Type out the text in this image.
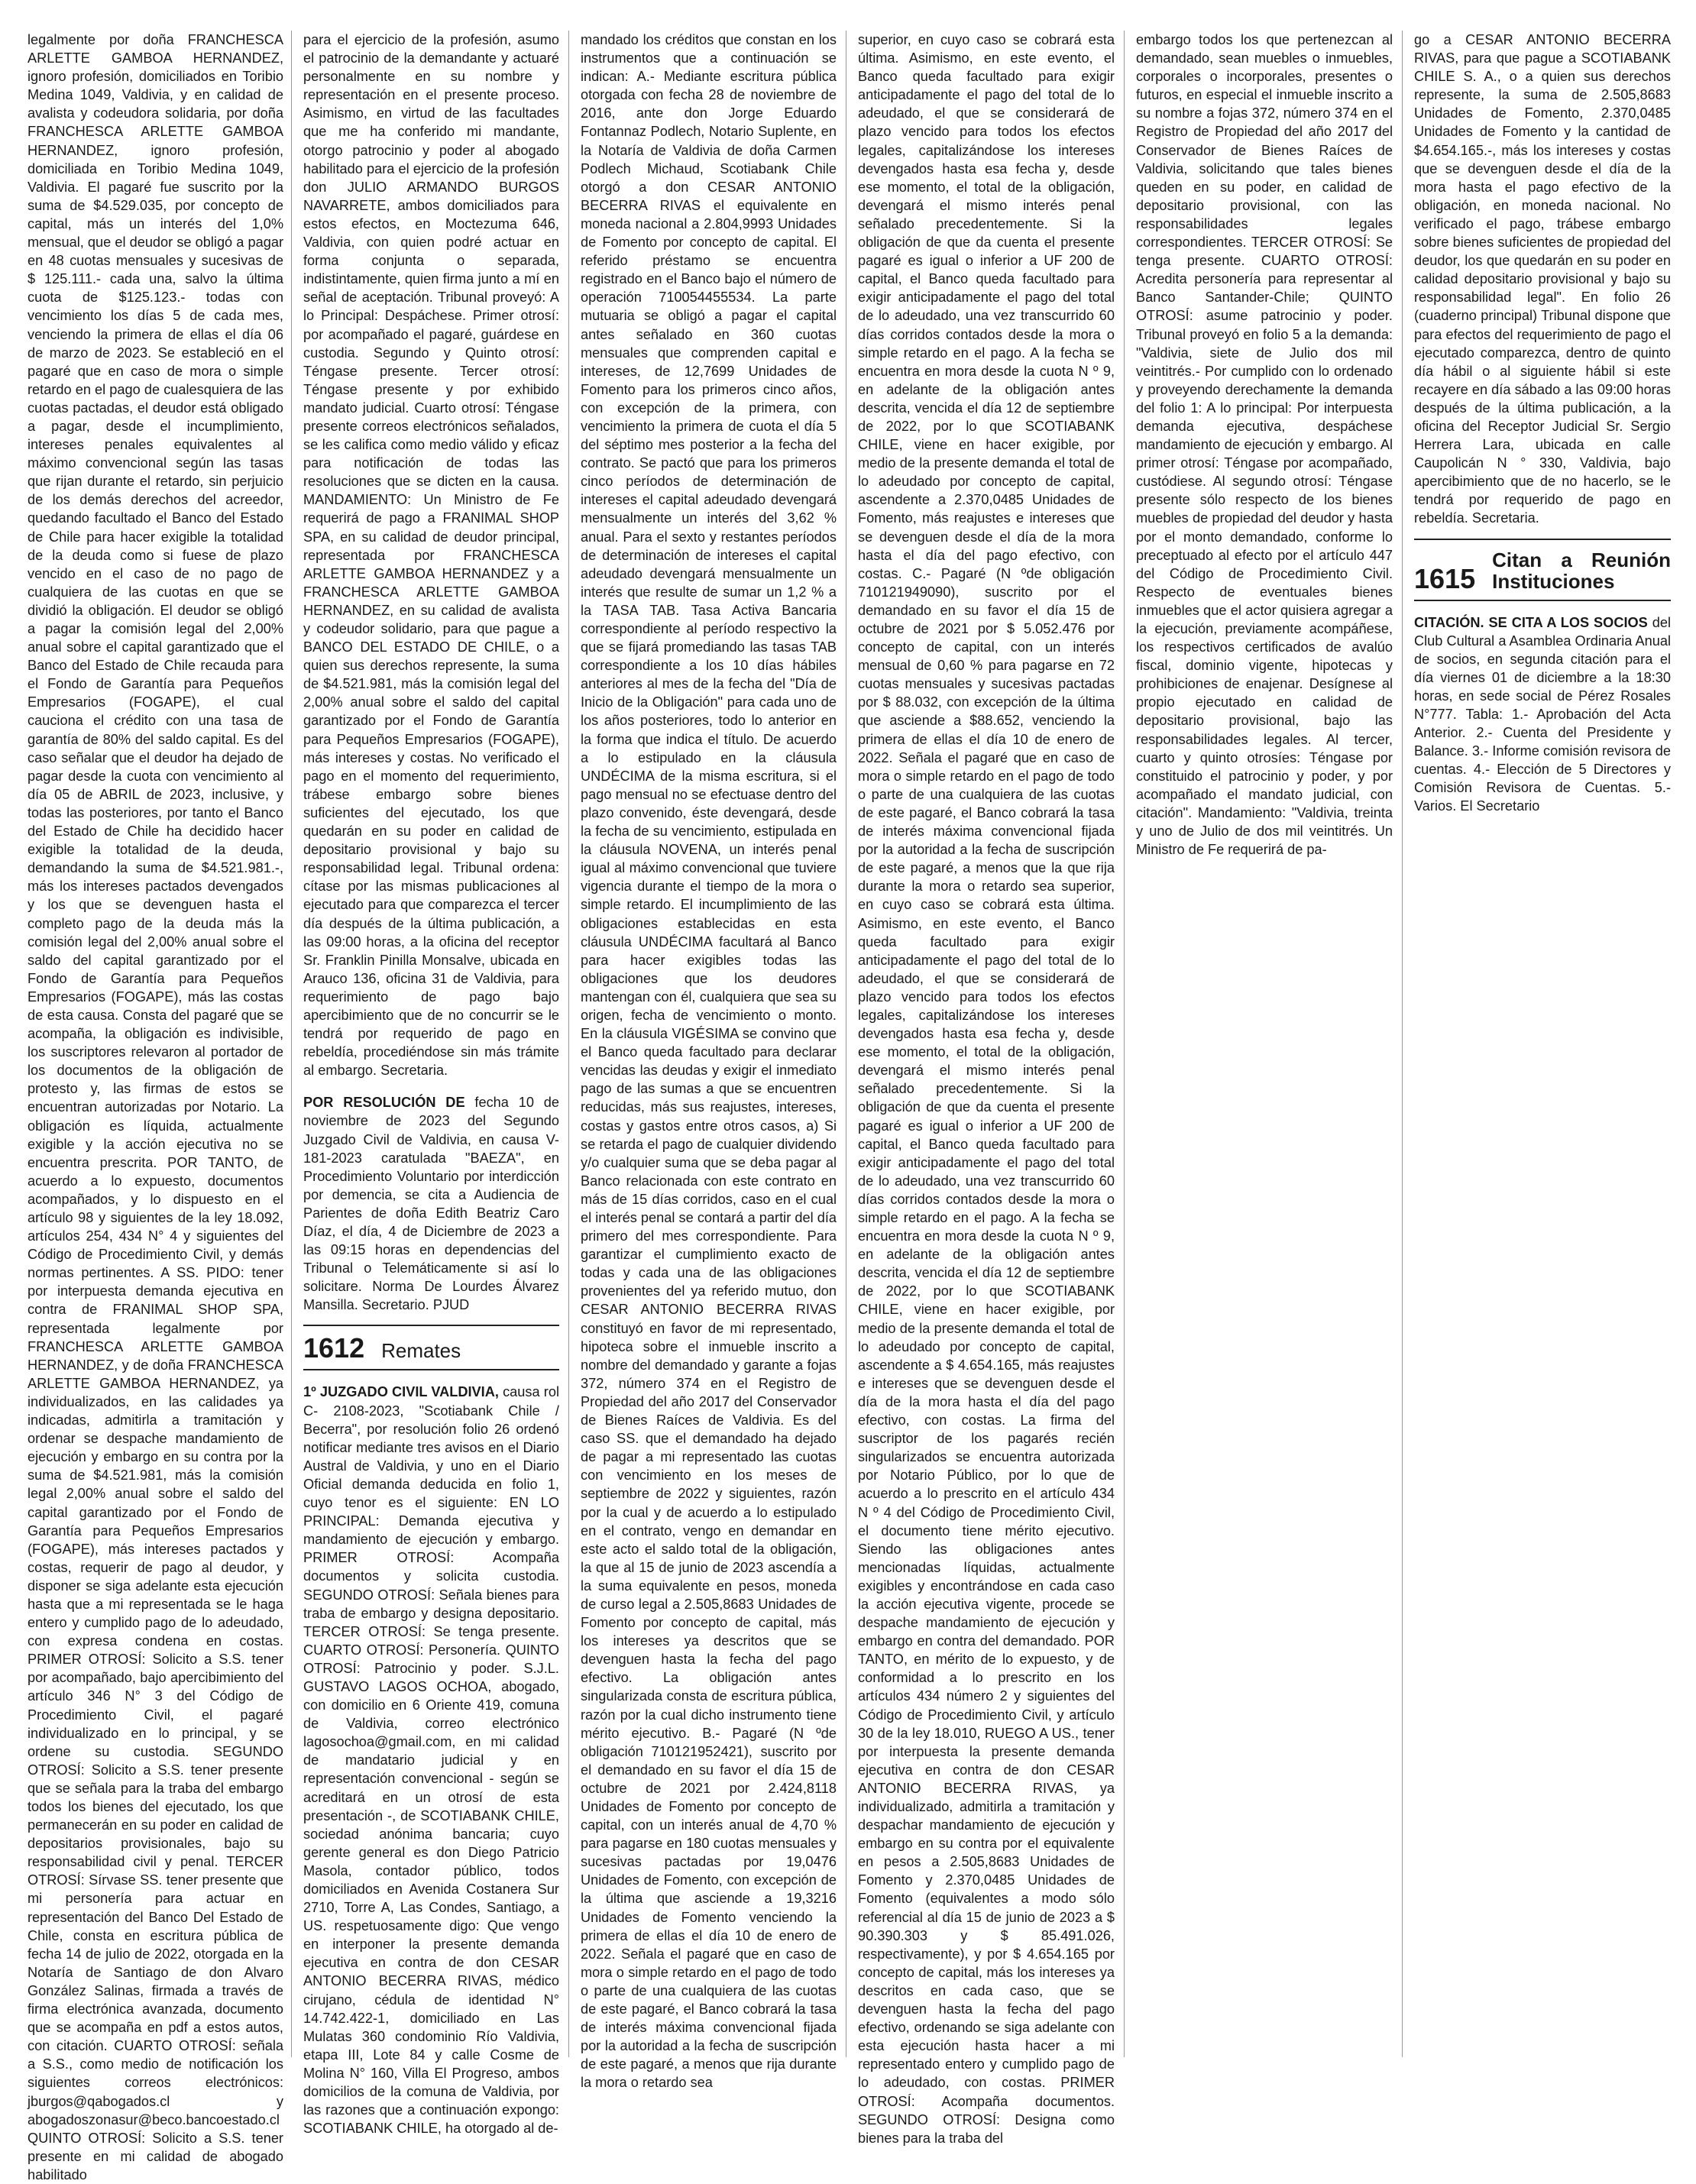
legalmente por doña FRANCHESCA ARLETTE GAMBOA HERNANDEZ, ignoro profesión, domiciliados en Toribio Medina 1049, Valdivia, y en calidad de avalista y codeudora solidaria, por doña FRANCHESCA ARLETTE GAMBOA HERNANDEZ, ignoro profesión, domiciliada en Toribio Medina 1049, Valdivia. El pagaré fue suscrito por la suma de $4.529.035, por concepto de capital, más un interés del 1,0% mensual, que el deudor se obligó a pagar en 48 cuotas mensuales y sucesivas de $ 125.111.- cada una, salvo la última cuota de $125.123.- todas con vencimiento los días 5 de cada mes, venciendo la primera de ellas el día 06 de marzo de 2023. Se estableció en el pagaré que en caso de mora o simple retardo en el pago de cualesquiera de las cuotas pactadas, el deudor está obligado a pagar, desde el incumplimiento, intereses penales equivalentes al máximo convencional según las tasas que rijan durante el retardo, sin perjuicio de los demás derechos del acreedor, quedando facultado el Banco del Estado de Chile para hacer exigible la totalidad de la deuda como si fuese de plazo vencido en el caso de no pago de cualquiera de las cuotas en que se dividió la obligación. El deudor se obligó a pagar la comisión legal del 2,00% anual sobre el capital garantizado que el Banco del Estado de Chile recauda para el Fondo de Garantía para Pequeños Empresarios (FOGAPE), el cual cauciona el crédito con una tasa de garantía de 80% del saldo capital. Es del caso señalar que el deudor ha dejado de pagar desde la cuota con vencimiento al día 05 de ABRIL de 2023, inclusive, y todas las posteriores, por tanto el Banco del Estado de Chile ha decidido hacer exigible la totalidad de la deuda, demandando la suma de $4.521.981.-, más los intereses pactados devengados y los que se devenguen hasta el completo pago de la deuda más la comisión legal del 2,00% anual sobre el saldo del capital garantizado por el Fondo de Garantía para Pequeños Empresarios (FOGAPE), más las costas de esta causa. Consta del pagaré que se acompaña, la obligación es indivisible, los suscriptores relevaron al portador de los documentos de la obligación de protesto y, las firmas de estos se encuentran autorizadas por Notario. La obligación es líquida, actualmente exigible y la acción ejecutiva no se encuentra prescrita. POR TANTO, de acuerdo a lo expuesto, documentos acompañados, y lo dispuesto en el artículo 98 y siguientes de la ley 18.092, artículos 254, 434 N° 4 y siguientes del Código de Procedimiento Civil, y demás normas pertinentes. A SS. PIDO: tener por interpuesta demanda ejecutiva en contra de FRANIMAL SHOP SPA, representada legalmente por FRANCHESCA ARLETTE GAMBOA HERNANDEZ, y de doña FRANCHESCA ARLETTE GAMBOA HERNANDEZ, ya individualizados, en las calidades ya indicadas, admitirla a tramitación y ordenar se despache mandamiento de ejecución y embargo en su contra por la suma de $4.521.981, más la comisión legal 2,00% anual sobre el saldo del capital garantizado por el Fondo de Garantía para Pequeños Empresarios (FOGAPE), más intereses pactados y costas, requerir de pago al deudor, y disponer se siga adelante esta ejecución hasta que a mi representada se le haga entero y cumplido pago de lo adeudado, con expresa condena en costas. PRIMER OTROSÍ: Solicito a S.S. tener por acompañado, bajo apercibimiento del artículo 346 N° 3 del Código de Procedimiento Civil, el pagaré individualizado en lo principal, y se ordene su custodia. SEGUNDO OTROSÍ: Solicito a S.S. tener presente que se señala para la traba del embargo todos los bienes del ejecutado, los que permanecerán en su poder en calidad de depositarios provisionales, bajo su responsabilidad civil y penal. TERCER OTROSÍ: Sírvase SS. tener presente que mi personería para actuar en representación del Banco Del Estado de Chile, consta en escritura pública de fecha 14 de julio de 2022, otorgada en la Notaría de Santiago de don Alvaro González Salinas, firmada a través de firma electrónica avanzada, documento que se acompaña en pdf a estos autos, con citación. CUARTO OTROSÍ: señala a S.S., como medio de notificación los siguientes correos electrónicos: jburgos@qabogados.cl y abogadoszonasur@beco.bancoestado.cl QUINTO OTROSÍ: Solicito a S.S. tener presente en mi calidad de abogado habilitado

para el ejercicio de la profesión, asumo el patrocinio de la demandante y actuaré personalmente en su nombre y representación en el presente proceso. Asimismo, en virtud de las facultades que me ha conferido mi mandante, otorgo patrocinio y poder al abogado habilitado para el ejercicio de la profesión don JULIO ARMANDO BURGOS NAVARRETE, ambos domiciliados para estos efectos, en Moctezuma 646, Valdivia, con quien podré actuar en forma conjunta o separada, indistintamente, quien firma junto a mí en señal de aceptación. Tribunal proveyó: A lo Principal: Despáchese. Primer otrosí: por acompañado el pagaré, guárdese en custodia. Segundo y Quinto otrosí: Téngase presente. Tercer otrosí: Téngase presente y por exhibido mandato judicial. Cuarto otrosí: Téngase presente correos electrónicos señalados, se les califica como medio válido y eficaz para notificación de todas las resoluciones que se dicten en la causa. MANDAMIENTO: Un Ministro de Fe requerirá de pago a FRANIMAL SHOP SPA, en su calidad de deudor principal, representada por FRANCHESCA ARLETTE GAMBOA HERNANDEZ y a FRANCHESCA ARLETTE GAMBOA HERNANDEZ, en su calidad de avalista y codeudor solidario, para que pague a BANCO DEL ESTADO DE CHILE, o a quien sus derechos represente, la suma de $4.521.981, más la comisión legal del 2,00% anual sobre el saldo del capital garantizado por el Fondo de Garantía para Pequeños Empresarios (FOGAPE), más intereses y costas. No verificado el pago en el momento del requerimiento, trábese embargo sobre bienes suficientes del ejecutado, los que quedarán en su poder en calidad de depositario provisional y bajo su responsabilidad legal. Tribunal ordena: cítase por las mismas publicaciones al ejecutado para que comparezca el tercer día después de la última publicación, a las 09:00 horas, a la oficina del receptor Sr. Franklin Pinilla Monsalve, ubicada en Arauco 136, oficina 31 de Valdivia, para requerimiento de pago bajo apercibimiento que de no concurrir se le tendrá por requerido de pago en rebeldía, procediéndose sin más trámite al embargo. Secretaria.

POR RESOLUCIÓN DE fecha 10 de noviembre de 2023 del Segundo Juzgado Civil de Valdivia, en causa V-181-2023 caratulada "BAEZA", en Procedimiento Voluntario por interdicción por demencia, se cita a Audiencia de Parientes de doña Edith Beatriz Caro Díaz, el día, 4 de Diciembre de 2023 a las 09:15 horas en dependencias del Tribunal o Telemáticamente si así lo solicitare. Norma De Lourdes Álvarez Mansilla. Secretario. PJUD

1612 Remates

1º JUZGADO CIVIL VALDIVIA, causa rol C- 2108-2023, "Scotiabank Chile / Becerra", por resolución folio 26 ordenó notificar mediante tres avisos en el Diario Austral de Valdivia, y uno en el Diario Oficial demanda deducida en folio 1, cuyo tenor es el siguiente: EN LO PRINCIPAL: Demanda ejecutiva y mandamiento de ejecución y embargo. PRIMER OTROSÍ: Acompaña documentos y solicita custodia. SEGUNDO OTROSÍ: Señala bienes para traba de embargo y designa depositario. TERCER OTROSÍ: Se tenga presente. CUARTO OTROSÍ: Personería. QUINTO OTROSÍ: Patrocinio y poder. S.J.L. GUSTAVO LAGOS OCHOA, abogado, con domicilio en 6 Oriente 419, comuna de Valdivia, correo electrónico lagosochoa@gmail.com, en mi calidad de mandatario judicial y en representación convencional - según se acreditará en un otrosí de esta presentación -, de SCOTIABANK CHILE, sociedad anónima bancaria; cuyo gerente general es don Diego Patricio Masola, contador público, todos domiciliados en Avenida Costanera Sur 2710, Torre A, Las Condes, Santiago, a US. respetuosamente digo: Que vengo en interponer la presente demanda ejecutiva en contra de don CESAR ANTONIO BECERRA RIVAS, médico cirujano, cédula de identidad N° 14.742.422-1, domiciliado en Las Mulatas 360 condominio Río Valdivia, etapa III, Lote 84 y calle Cosme de Molina N° 160, Villa El Progreso, ambos domicilios de la comuna de Valdivia, por las razones que a continuación expongo: SCOTIABANK CHILE, ha otorgado al de-

mandado los créditos que constan en los instrumentos que a continuación se indican: A.- Mediante escritura pública otorgada con fecha 28 de noviembre de 2016, ante don Jorge Eduardo Fontannaz Podlech, Notario Suplente, en la Notaría de Valdivia de doña Carmen Podlech Michaud, Scotiabank Chile otorgó a don CESAR ANTONIO BECERRA RIVAS el equivalente en moneda nacional a 2.804,9993 Unidades de Fomento por concepto de capital. El referido préstamo se encuentra registrado en el Banco bajo el número de operación 710054455534. La parte mutuaria se obligó a pagar el capital antes señalado en 360 cuotas mensuales que comprenden capital e intereses, de 12,7699 Unidades de Fomento para los primeros cinco años, con excepción de la primera, con vencimiento la primera de cuota el día 5 del séptimo mes posterior a la fecha del contrato. Se pactó que para los primeros cinco períodos de determinación de intereses el capital adeudado devengará mensualmente un interés del 3,62 % anual. Para el sexto y restantes períodos de determinación de intereses el capital adeudado devengará mensualmente un interés que resulte de sumar un 1,2 % a la TASA TAB. Tasa Activa Bancaria correspondiente al período respectivo la que se fijará promediando las tasas TAB correspondiente a los 10 días hábiles anteriores al mes de la fecha del "Día de Inicio de la Obligación" para cada uno de los años posteriores, todo lo anterior en la forma que indica el título. De acuerdo a lo estipulado en la cláusula UNDÉCIMA de la misma escritura, si el pago mensual no se efectuase dentro del plazo convenido, éste devengará, desde la fecha de su vencimiento, estipulada en la cláusula NOVENA, un interés penal igual al máximo convencional que tuviere vigencia durante el tiempo de la mora o simple retardo. El incumplimiento de las obligaciones establecidas en esta cláusula UNDÉCIMA facultará al Banco para hacer exigibles todas las obligaciones que los deudores mantengan con él, cualquiera que sea su origen, fecha de vencimiento o monto. En la cláusula VIGÉSIMA se convino que el Banco queda facultado para declarar vencidas las deudas y exigir el inmediato pago de las sumas a que se encuentren reducidas, más sus reajustes, intereses, costas y gastos entre otros casos, a) Si se retarda el pago de cualquier dividendo y/o cualquier suma que se deba pagar al Banco relacionada con este contrato en más de 15 días corridos, caso en el cual el interés penal se contará a partir del día primero del mes correspondiente. Para garantizar el cumplimiento exacto de todas y cada una de las obligaciones provenientes del ya referido mutuo, don CESAR ANTONIO BECERRA RIVAS constituyó en favor de mi representado, hipoteca sobre el inmueble inscrito a nombre del demandado y garante a fojas 372, número 374 en el Registro de Propiedad del año 2017 del Conservador de Bienes Raíces de Valdivia. Es del caso SS. que el demandado ha dejado de pagar a mi representado las cuotas con vencimiento en los meses de septiembre de 2022 y siguientes, razón por la cual y de acuerdo a lo estipulado en el contrato, vengo en demandar en este acto el saldo total de la obligación, la que al 15 de junio de 2023 ascendía a la suma equivalente en pesos, moneda de curso legal a 2.505,8683 Unidades de Fomento por concepto de capital, más los intereses ya descritos que se devenguen hasta la fecha del pago efectivo. La obligación antes singularizada consta de escritura pública, razón por la cual dicho instrumento tiene mérito ejecutivo. B.- Pagaré (N ºde obligación 710121952421), suscrito por el demandado en su favor el día 15 de octubre de 2021 por 2.424,8118 Unidades de Fomento por concepto de capital, con un interés anual de 4,70 % para pagarse en 180 cuotas mensuales y sucesivas pactadas por 19,0476 Unidades de Fomento, con excepción de la última que asciende a 19,3216 Unidades de Fomento venciendo la primera de ellas el día 10 de enero de 2022. Señala el pagaré que en caso de mora o simple retardo en el pago de todo o parte de una cualquiera de las cuotas de este pagaré, el Banco cobrará la tasa de interés máxima convencional fijada por la autoridad a la fecha de suscripción de este pagaré, a menos que rija durante la mora o retardo sea

superior, en cuyo caso se cobrará esta última. Asimismo, en este evento, el Banco queda facultado para exigir anticipadamente el pago del total de lo adeudado, el que se considerará de plazo vencido para todos los efectos legales, capitalizándose los intereses devengados hasta esa fecha y, desde ese momento, el total de la obligación, devengará el mismo interés penal señalado precedentemente. Si la obligación de que da cuenta el presente pagaré es igual o inferior a UF 200 de capital, el Banco queda facultado para exigir anticipadamente el pago del total de lo adeudado, una vez transcurrido 60 días corridos contados desde la mora o simple retardo en el pago. A la fecha se encuentra en mora desde la cuota N º 9, en adelante de la obligación antes descrita, vencida el día 12 de septiembre de 2022, por lo que SCOTIABANK CHILE, viene en hacer exigible, por medio de la presente demanda el total de lo adeudado por concepto de capital, ascendente a 2.370,0485 Unidades de Fomento, más reajustes e intereses que se devenguen desde el día de la mora hasta el día del pago efectivo, con costas. C.- Pagaré (N ºde obligación 710121949090), suscrito por el demandado en su favor el día 15 de octubre de 2021 por $ 5.052.476 por concepto de capital, con un interés mensual de 0,60 % para pagarse en 72 cuotas mensuales y sucesivas pactadas por $ 88.032, con excepción de la última que asciende a $88.652, venciendo la primera de ellas el día 10 de enero de 2022. Señala el pagaré que en caso de mora o simple retardo en el pago de todo o parte de una cualquiera de las cuotas de este pagaré, el Banco cobrará la tasa de interés máxima convencional fijada por la autoridad a la fecha de suscripción de este pagaré, a menos que la que rija durante la mora o retardo sea superior, en cuyo caso se cobrará esta última. Asimismo, en este evento, el Banco queda facultado para exigir anticipadamente el pago del total de lo adeudado, el que se considerará de plazo vencido para todos los efectos legales, capitalizándose los intereses devengados hasta esa fecha y, desde ese momento, el total de la obligación, devengará el mismo interés penal señalado precedentemente. Si la obligación de que da cuenta el presente pagaré es igual o inferior a UF 200 de capital, el Banco queda facultado para exigir anticipadamente el pago del total de lo adeudado, una vez transcurrido 60 días corridos contados desde la mora o simple retardo en el pago. A la fecha se encuentra en mora desde la cuota N º 9, en adelante de la obligación antes descrita, vencida el día 12 de septiembre de 2022, por lo que SCOTIABANK CHILE, viene en hacer exigible, por medio de la presente demanda el total de lo adeudado por concepto de capital, ascendente a $ 4.654.165, más reajustes e intereses que se devenguen desde el día de la mora hasta el día del pago efectivo, con costas. La firma del suscriptor de los pagarés recién singularizados se encuentra autorizada por Notario Público, por lo que de acuerdo a lo prescrito en el artículo 434 N º 4 del Código de Procedimiento Civil, el documento tiene mérito ejecutivo. Siendo las obligaciones antes mencionadas líquidas, actualmente exigibles y encontrándose en cada caso la acción ejecutiva vigente, procede se despache mandamiento de ejecución y embargo en contra del demandado. POR TANTO, en mérito de lo expuesto, y de conformidad a lo prescrito en los artículos 434 número 2 y siguientes del Código de Procedimiento Civil, y artículo 30 de la ley 18.010, RUEGO A US., tener por interpuesta la presente demanda ejecutiva en contra de don CESAR ANTONIO BECERRA RIVAS, ya individualizado, admitirla a tramitación y despachar mandamiento de ejecución y embargo en su contra por el equivalente en pesos a 2.505,8683 Unidades de Fomento y 2.370,0485 Unidades de Fomento (equivalentes a modo sólo referencial al día 15 de junio de 2023 a $ 90.390.303 y $ 85.491.026, respectivamente), y por $ 4.654.165 por concepto de capital, más los intereses ya descritos en cada caso, que se devenguen hasta la fecha del pago efectivo, ordenando se siga adelante con esta ejecución hasta hacer a mi representado entero y cumplido pago de lo adeudado, con costas. PRIMER OTROSÍ: Acompaña documentos. SEGUNDO OTROSÍ: Designa como bienes para la traba del

embargo todos los que pertenezcan al demandado, sean muebles o inmuebles, corporales o incorporales, presentes o futuros, en especial el inmueble inscrito a su nombre a fojas 372, número 374 en el Registro de Propiedad del año 2017 del Conservador de Bienes Raíces de Valdivia, solicitando que tales bienes queden en su poder, en calidad de depositario provisional, con las responsabilidades legales correspondientes. TERCER OTROSÍ: Se tenga presente. CUARTO OTROSÍ: Acredita personería para representar al Banco Santander-Chile; QUINTO OTROSÍ: asume patrocinio y poder. Tribunal proveyó en folio 5 a la demanda: "Valdivia, siete de Julio dos mil veintitrés.- Por cumplido con lo ordenado y proveyendo derechamente la demanda del folio 1: A lo principal: Por interpuesta demanda ejecutiva, despáchese mandamiento de ejecución y embargo. Al primer otrosí: Téngase por acompañado, custódiese. Al segundo otrosí: Téngase presente sólo respecto de los bienes muebles de propiedad del deudor y hasta por el monto demandado, conforme lo preceptuado al efecto por el artículo 447 del Código de Procedimiento Civil. Respecto de eventuales bienes inmuebles que el actor quisiera agregar a la ejecución, previamente acompáñese, los respectivos certificados de avalúo fiscal, dominio vigente, hipotecas y prohibiciones de enajenar. Desígnese al propio ejecutado en calidad de depositario provisional, bajo las responsabilidades legales. Al tercer, cuarto y quinto otrosíes: Téngase por constituido el patrocinio y poder, y por acompañado el mandato judicial, con citación". Mandamiento: "Valdivia, treinta y uno de Julio de dos mil veintitrés. Un Ministro de Fe requerirá de pa-

go a CESAR ANTONIO BECERRA RIVAS, para que pague a SCOTIABANK CHILE S. A., o a quien sus derechos represente, la suma de 2.505,8683 Unidades de Fomento, 2.370,0485 Unidades de Fomento y la cantidad de $4.654.165.-, más los intereses y costas que se devenguen desde el día de la mora hasta el pago efectivo de la obligación, en moneda nacional. No verificado el pago, trábese embargo sobre bienes suficientes de propiedad del deudor, los que quedarán en su poder en calidad depositario provisional y bajo su responsabilidad legal". En folio 26 (cuaderno principal) Tribunal dispone que para efectos del requerimiento de pago el ejecutado comparezca, dentro de quinto día hábil o al siguiente hábil si este recayere en día sábado a las 09:00 horas después de la última publicación, a la oficina del Receptor Judicial Sr. Sergio Herrera Lara, ubicada en calle Caupolicán N ° 330, Valdivia, bajo apercibimiento que de no hacerlo, se le tendrá por requerido de pago en rebeldía. Secretaria.

1615
Citan a Reunión Instituciones

CITACIÓN. SE CITA A LOS SOCIOS del Club Cultural a Asamblea Ordinaria Anual de socios, en segunda citación para el día viernes 01 de diciembre a la 18:30 horas, en sede social de Pérez Rosales N°777. Tabla: 1.- Aprobación del Acta Anterior. 2.- Cuenta del Presidente y Balance. 3.- Informe comisión revisora de cuentas. 4.- Elección de 5 Directores y Comisión Revisora de Cuentas. 5.- Varios. El Secretario
